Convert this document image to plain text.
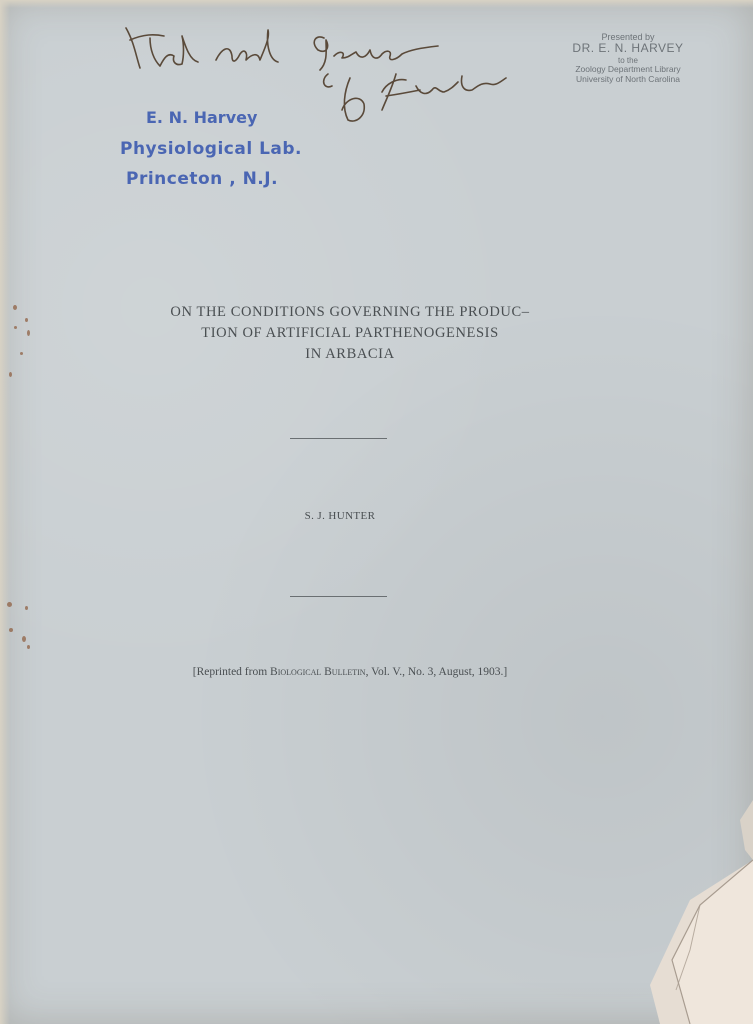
E. N. Harvey
Physiological Lab.
Princeton , N.J.
Presented by
DR. E. N. HARVEY
to the
Zoology Department Library
University of North Carolina
ON THE CONDITIONS GOVERNING THE PRODUC–
TION OF ARTIFICIAL PARTHENOGENESIS
IN ARBACIA
S. J. HUNTER
[Reprinted from Biological Bulletin, Vol. V., No. 3, August, 1903.]
